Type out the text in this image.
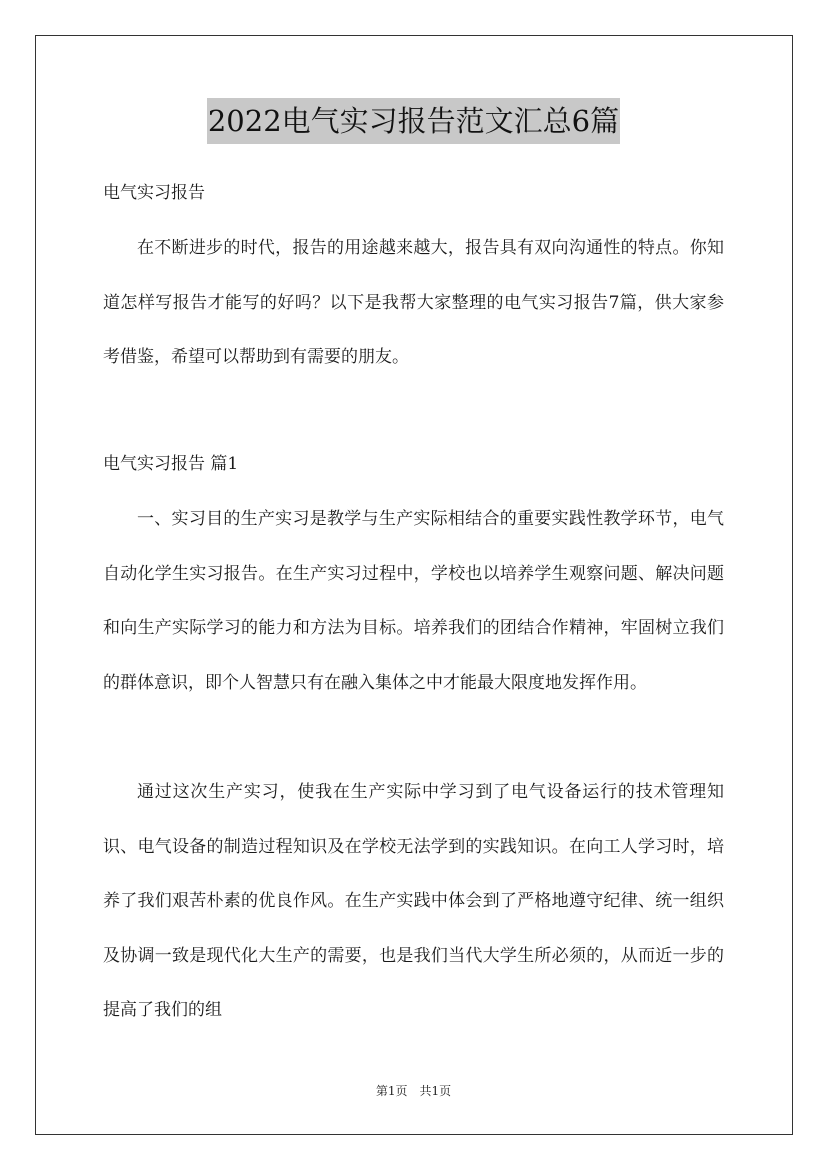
2022电气实习报告范文汇总6篇
电气实习报告

在不断进步的时代，报告的用途越来越大，报告具有双向沟通性的特点。你知道怎样写报告才能写的好吗？以下是我帮大家整理的电气实习报告7篇，供大家参考借鉴，希望可以帮助到有需要的朋友。

电气实习报告 篇1

一、实习目的生产实习是教学与生产实际相结合的重要实践性教学环节，电气自动化学生实习报告。在生产实习过程中，学校也以培养学生观察问题、解决问题和向生产实际学习的能力和方法为目标。培养我们的团结合作精神，牢固树立我们的群体意识，即个人智慧只有在融入集体之中才能最大限度地发挥作用。

通过这次生产实习，使我在生产实际中学习到了电气设备运行的技术管理知识、电气设备的制造过程知识及在学校无法学到的实践知识。在向工人学习时，培养了我们艰苦朴素的优良作风。在生产实践中体会到了严格地遵守纪律、统一组织及协调一致是现代化大生产的需要，也是我们当代大学生所必须的，从而近一步的提高了我们的组

第1页　共1页
